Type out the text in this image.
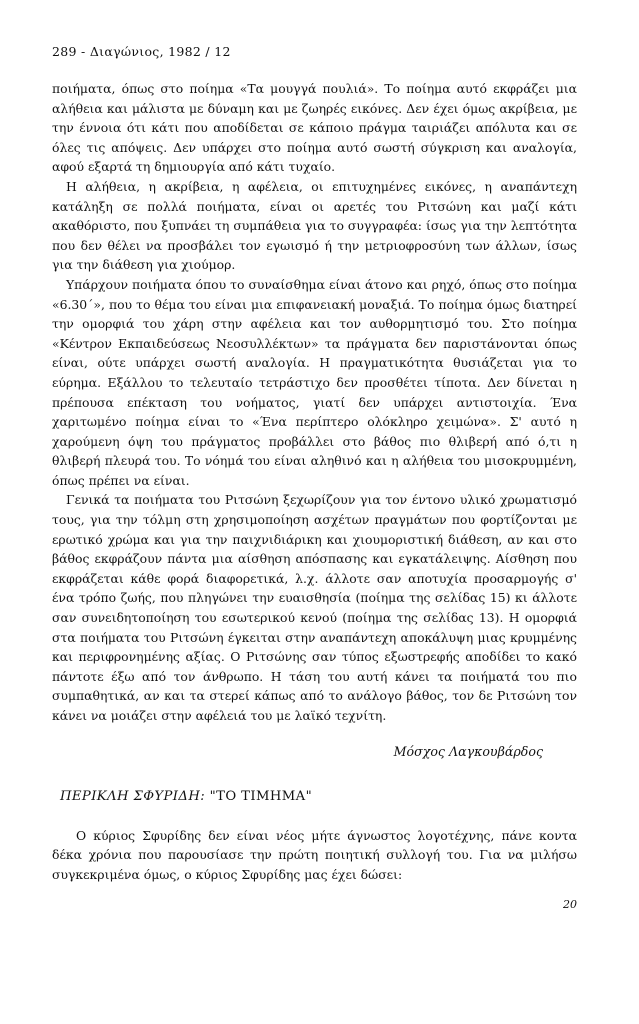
289 - Διαγώνιος, 1982 / 12

ποιήματα, όπως στο ποίημα «Τα μουγγά πουλιά». Το ποίημα αυτό εκφράζει μια αλήθεια και μάλιστα με δύναμη και με ζωηρές εικόνες. Δεν έχει όμως ακρίβεια, με την έννοια ότι κάτι που αποδίδεται σε κάποιο πράγμα ταιριάζει απόλυτα και σε όλες τις απόψεις. Δεν υπάρχει στο ποίημα αυτό σωστή σύγκριση και αναλογία, αφού εξαρτά τη δημιουργία από κάτι τυχαίο.

Η αλήθεια, η ακρίβεια, η αφέλεια, οι επιτυχημένες εικόνες, η αναπάντεχη κατάληξη σε πολλά ποιήματα, είναι οι αρετές του Ριτσώνη και μαζί κάτι ακαθόριστο, που ξυπνάει τη συμπάθεια για το συγγραφέα: ίσως για την λεπτότητα που δεν θέλει να προσβάλει τον εγωισμό ή την μετριοφροσύνη των άλλων, ίσως για την διάθεση για χιούμορ.

Υπάρχουν ποιήματα όπου το συναίσθημα είναι άτονο και ρηχό, όπως στο ποίημα «6.30΄», που το θέμα του είναι μια επιφανειακή μοναξιά. Το ποίημα όμως διατηρεί την ομορφιά του χάρη στην αφέλεια και τον αυθορμητισμό του. Στο ποίημα «Κέντρον Εκπαιδεύσεως Νεοσυλλέκτων» τα πράγματα δεν παριστάνονται όπως είναι, ούτε υπάρχει σωστή αναλογία. Η πραγματικότητα θυσιάζεται για το εύρημα. Εξάλλου το τελευταίο τετράστιχο δεν προσθέτει τίποτα. Δεν δίνεται η πρέπουσα επέκταση του νοήματος, γιατί δεν υπάρχει αντιστοιχία. Ένα χαριτωμένο ποίημα είναι το «Ένα περίπτερο ολόκληρο χειμώνα». Σ' αυτό η χαρούμενη όψη του πράγματος προβάλλει στο βάθος πιο θλιβερή από ό,τι η θλιβερή πλευρά του. Το νόημά του είναι αληθινό και η αλήθεια του μισοκρυμμένη, όπως πρέπει να είναι.

Γενικά τα ποιήματα του Ριτσώνη ξεχωρίζουν για τον έντονο υλικό χρωματισμό τους, για την τόλμη στη χρησιμοποίηση ασχέτων πραγμάτων που φορτίζονται με ερωτικό χρώμα και για την παιχνιδιάρικη και χιουμοριστική διάθεση, αν και στο βάθος εκφράζουν πάντα μια αίσθηση απόσπασης και εγκατάλειψης. Αίσθηση που εκφράζεται κάθε φορά διαφορετικά, λ.χ. άλλοτε σαν αποτυχία προσαρμογής σ' ένα τρόπο ζωής, που πληγώνει την ευαισθησία (ποίημα της σελίδας 15) κι άλλοτε σαν συνειδητοποίηση του εσωτερικού κενού (ποίημα της σελίδας 13). Η ομορφιά στα ποιήματα του Ριτσώνη έγκειται στην αναπάντεχη αποκάλυψη μιας κρυμμένης και περιφρονημένης αξίας. Ο Ριτσώνης σαν τύπος εξωστρεφής αποδίδει το κακό πάντοτε έξω από τον άνθρωπο. Η τάση του αυτή κάνει τα ποιήματά του πιο συμπαθητικά, αν και τα στερεί κάπως από το ανάλογο βάθος, τον δε Ριτσώνη τον κάνει να μοιάζει στην αφέλειά του με λαϊκό τεχνίτη.

Μόσχος Λαγκουβάρδος
ΠΕΡΙΚΛΗ ΣΦΥΡΙΔΗ: "ΤΟ ΤΙΜΗΜΑ"

Ο κύριος Σφυρίδης δεν είναι νέος μήτε άγνωστος λογοτέχνης, πάνε κοντα δέκα χρόνια που παρουσίασε την πρώτη ποιητική συλλογή του. Για να μιλήσω συγκεκριμένα όμως, ο κύριος Σφυρίδης μας έχει δώσει:

20
